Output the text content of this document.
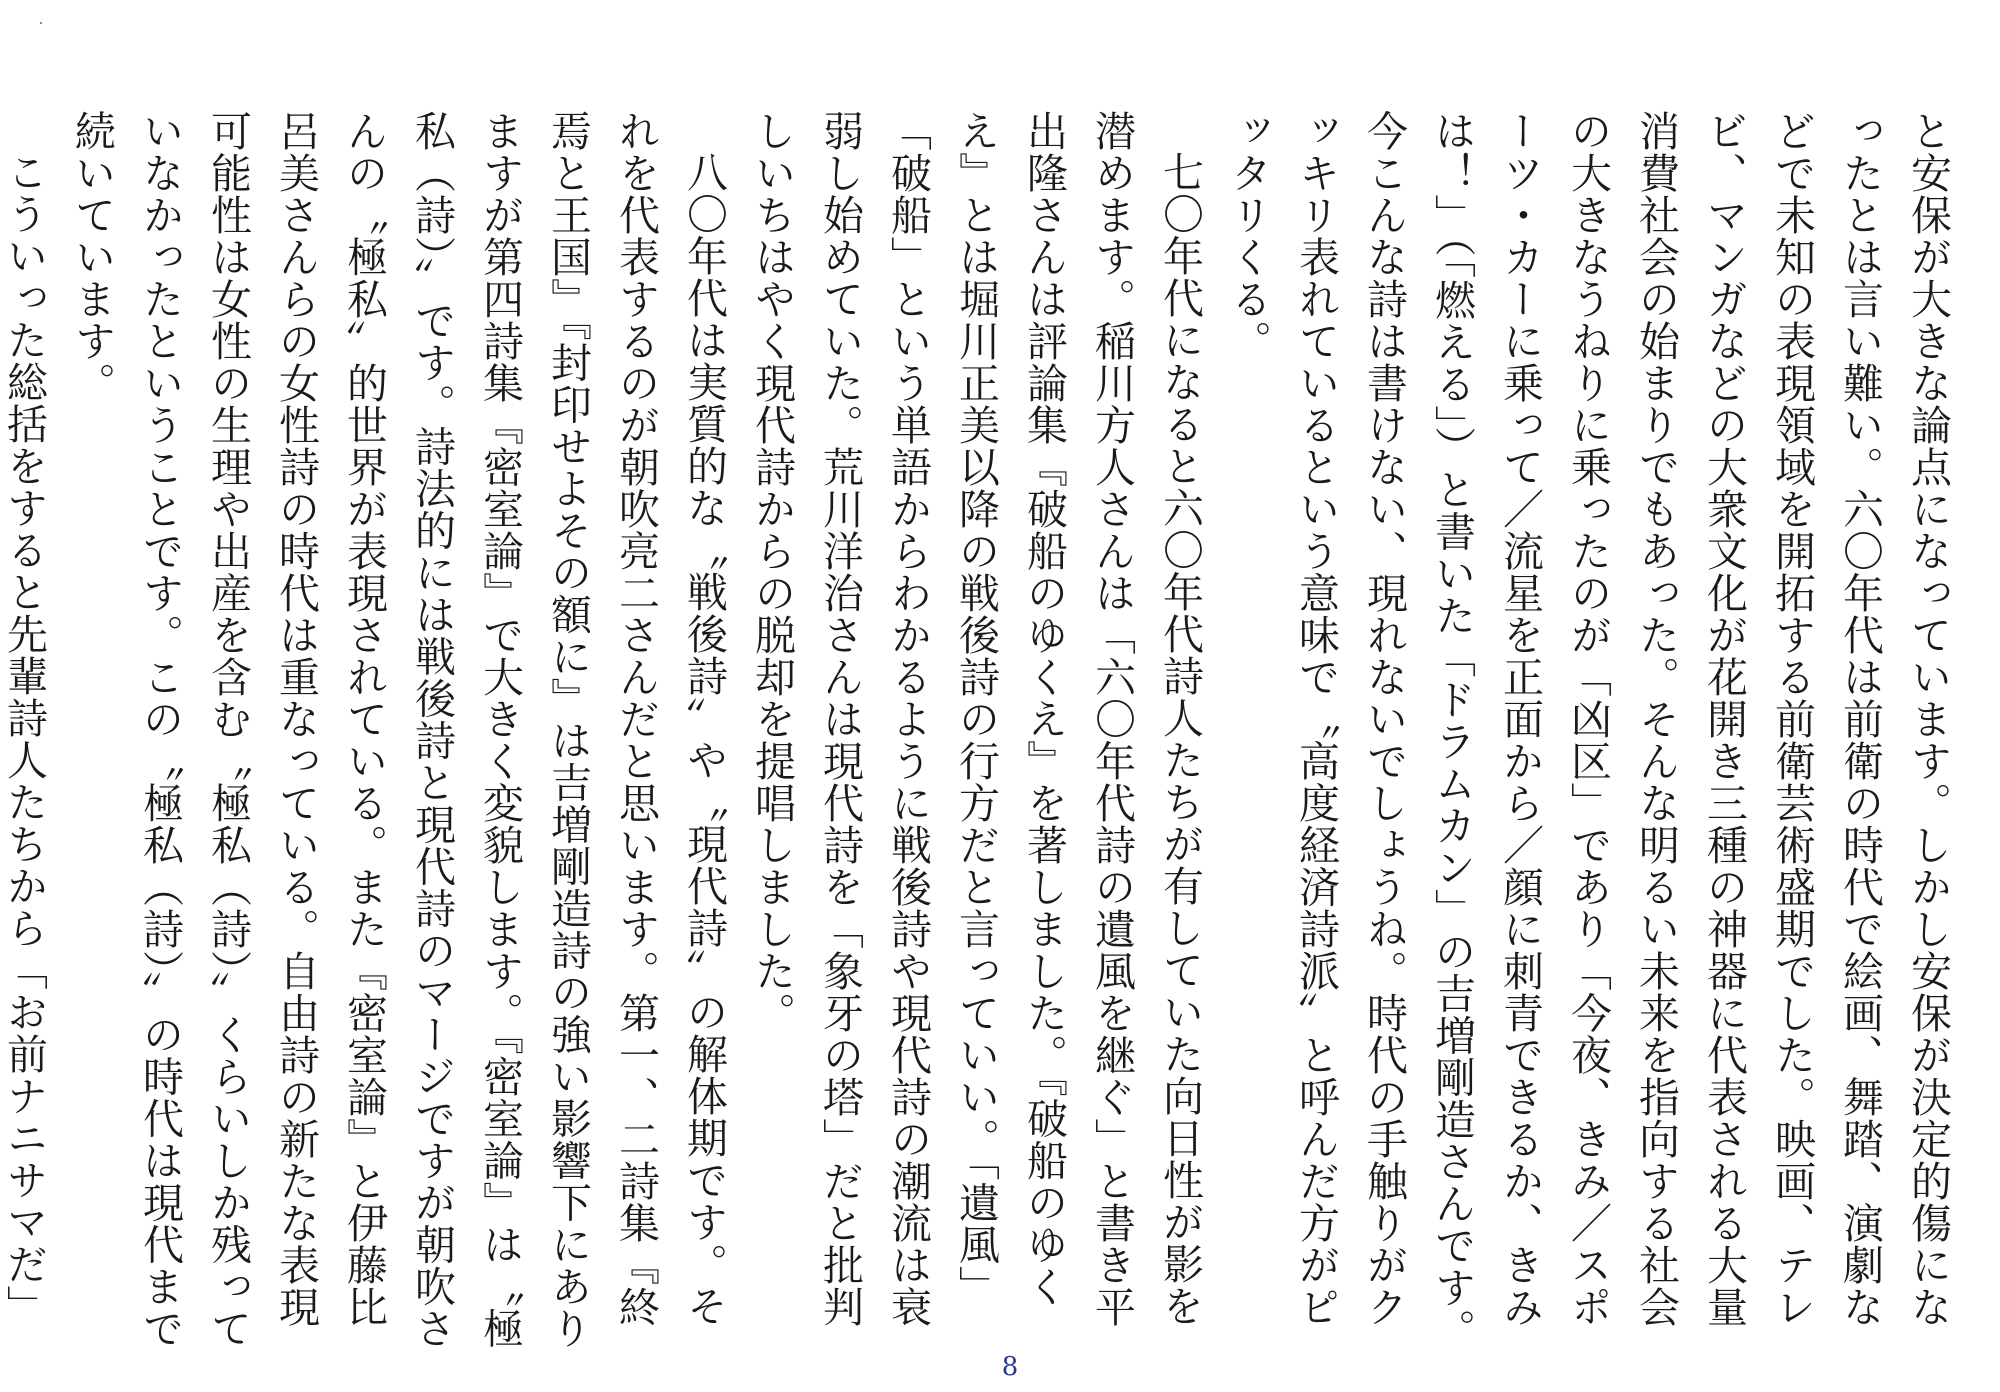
と安保が大きな論点になっています。しかし安保が決定的傷になったとは言い難い。六〇年代は前衛の時代で絵画、舞踏、演劇などで未知の表現領域を開拓する前衛芸術盛期でした。映画、テレビ、マンガなどの大衆文化が花開き三種の神器に代表される大量消費社会の始まりでもあった。そんな明るい未来を指向する社会の大きなうねりに乗ったのが「凶区」であり「今夜、きみ／スポーツ・カーに乗って／流星を正面から／顔に刺青できるか、きみは！」（「燃える」）と書いた「ドラムカン」の吉増剛造さんです。今こんな詩は書けない、現れないでしょうね。時代の手触りがクッキリ表れているという意味で〝高度経済詩派〟と呼んだ方がピッタリくる。

七〇年代になると六〇年代詩人たちが有していた向日性が影を潜めます。稲川方人さんは「六〇年代詩の遺風を継ぐ」と書き平出隆さんは評論集『破船のゆくえ』を著しました。『破船のゆくえ』とは堀川正美以降の戦後詩の行方だと言っていい。「遺風」「破船」という単語からわかるように戦後詩や現代詩の潮流は衰弱し始めていた。荒川洋治さんは現代詩を「象牙の塔」だと批判しいちはやく現代詩からの脱却を提唱しました。

八〇年代は実質的な〝戦後詩〟や〝現代詩〟の解体期です。それを代表するのが朝吹亮二さんだと思います。第一、二詩集『終焉と王国』『封印せよその額に』は吉増剛造詩の強い影響下にありますが第四詩集『密室論』で大きく変貌します。『密室論』は〝極私（詩）〟です。詩法的には戦後詩と現代詩のマージですが朝吹さんの〝極私〟的世界が表現されている。また『密室論』と伊藤比呂美さんらの女性詩の時代は重なっている。自由詩の新たな表現可能性は女性の生理や出産を含む〝極私（詩）〟くらいしか残っていなかったということです。この〝極私（詩）〟の時代は現代まで続いています。

こういった総括をすると先輩詩人たちから「お前ナニサマだ」

8
